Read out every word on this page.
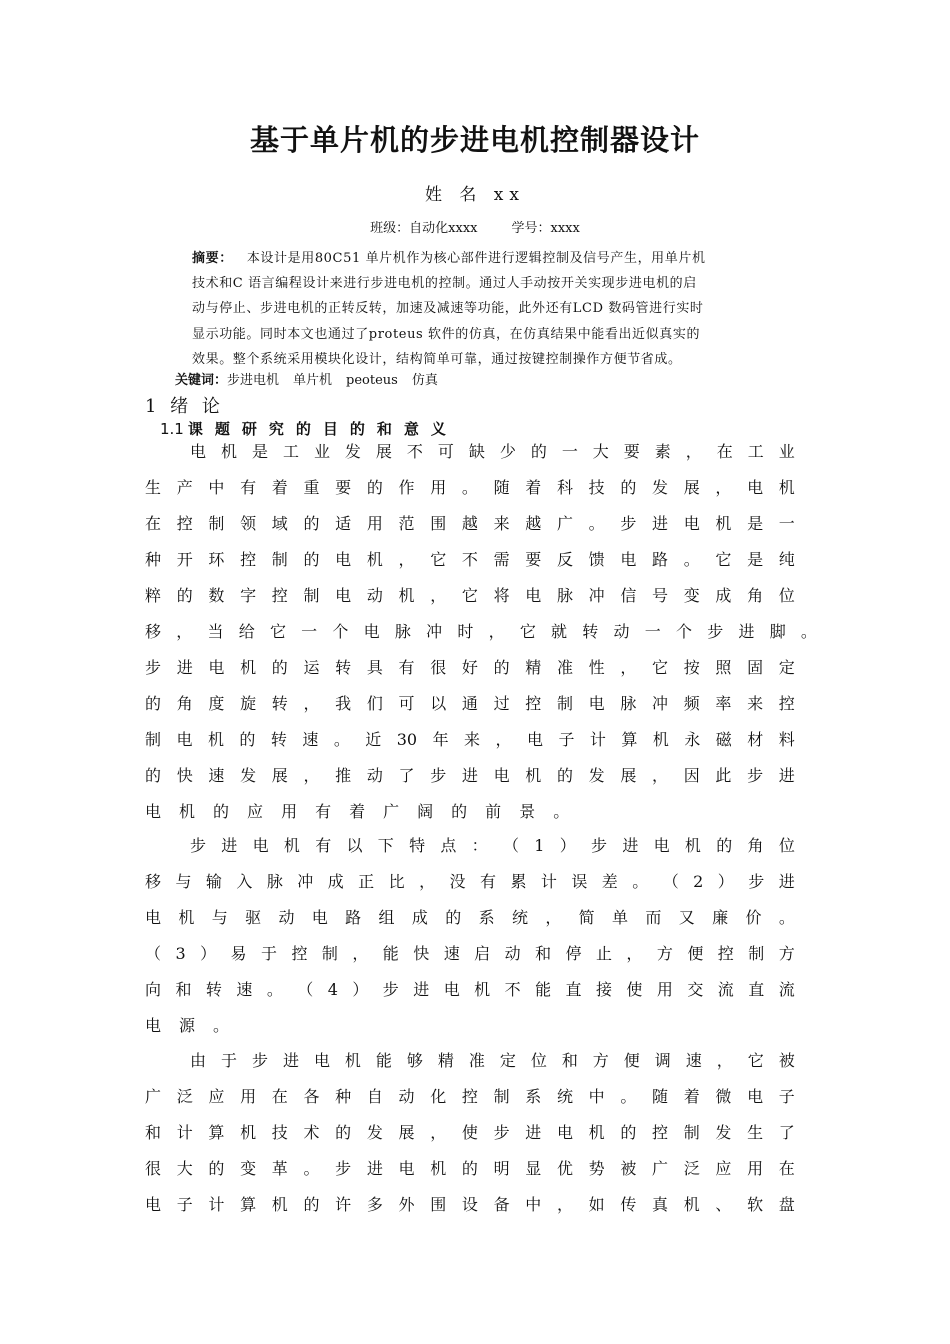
基于单片机的步进电机控制器设计
姓 名 xx
班级：自动化xxxx	学号：xxxx
摘要： 本设计是用80C51 单片机作为核心部件进行逻辑控制及信号产生，用单片机
技术和C 语言编程设计来进行步进电机的控制。通过人手动按开关实现步进电机的启
动与停止、步进电机的正转反转，加速及减速等功能，此外还有LCD 数码管进行实时
显示功能。同时本文也通过了proteus 软件的仿真，在仿真结果中能看出近似真实的
效果。整个系统采用模块化设计，结构简单可靠，通过按键控制操作方便节省成。
关键词：步进电机 单片机 peoteus 仿真
1 绪 论
1.1 课题研究的目的和意义
电 机 是 工 业 发 展 不 可 缺 少 的 一 大 要 素 ， 在 工 业
生 产 中 有 着 重 要 的 作 用 。 随 着 科 技 的 发 展 ， 电 机
在 控 制 领 域 的 适 用 范 围 越 来 越 广 。 步 进 电 机 是 一
种 开 环 控 制 的 电 机 ， 它 不 需 要 反 馈 电 路 。 它 是 纯
粹 的 数 字 控 制 电 动 机 ， 它 将 电 脉 冲 信 号 变 成 角 位
移 ， 当 给 它 一 个 电 脉 冲 时 ， 它 就 转 动 一 个 步 进 脚 。
步 进 电 机 的 运 转 具 有 很 好 的 精 准 性 ， 它 按 照 固 定
的 角 度 旋 转 ， 我 们 可 以 通 过 控 制 电 脉 冲 频 率 来 控
制 电 机 的 转 速 。 近 30 年 来 ， 电 子 计 算 机 永 磁 材 料
的 快 速 发 展 ， 推 动 了 步 进 电 机 的 发 展 ， 因 此 步 进
电 机 的 应 用 有 着 广 阔 的 前 景 。
步 进 电 机 有 以 下 特 点 ： （ 1 ） 步 进 电 机 的 角 位
移 与 输 入 脉 冲 成 正 比 ， 没 有 累 计 误 差 。 （ 2 ） 步 进
电 机 与 驱 动 电 路 组 成 的 系 统 ， 简 单 而 又 廉 价 。
（ 3 ） 易 于 控 制 ， 能 快 速 启 动 和 停 止 ， 方 便 控 制 方
向 和 转 速 。 （ 4 ） 步 进 电 机 不 能 直 接 使 用 交 流 直 流
电 源 。
由 于 步 进 电 机 能 够 精 准 定 位 和 方 便 调 速 ， 它 被
广 泛 应 用 在 各 种 自 动 化 控 制 系 统 中 。 随 着 微 电 子
和 计 算 机 技 术 的 发 展 ， 使 步 进 电 机 的 控 制 发 生 了
很 大 的 变 革 。 步 进 电 机 的 明 显 优 势 被 广 泛 应 用 在
电 子 计 算 机 的 许 多 外 围 设 备 中 ， 如 传 真 机 、 软 盘
